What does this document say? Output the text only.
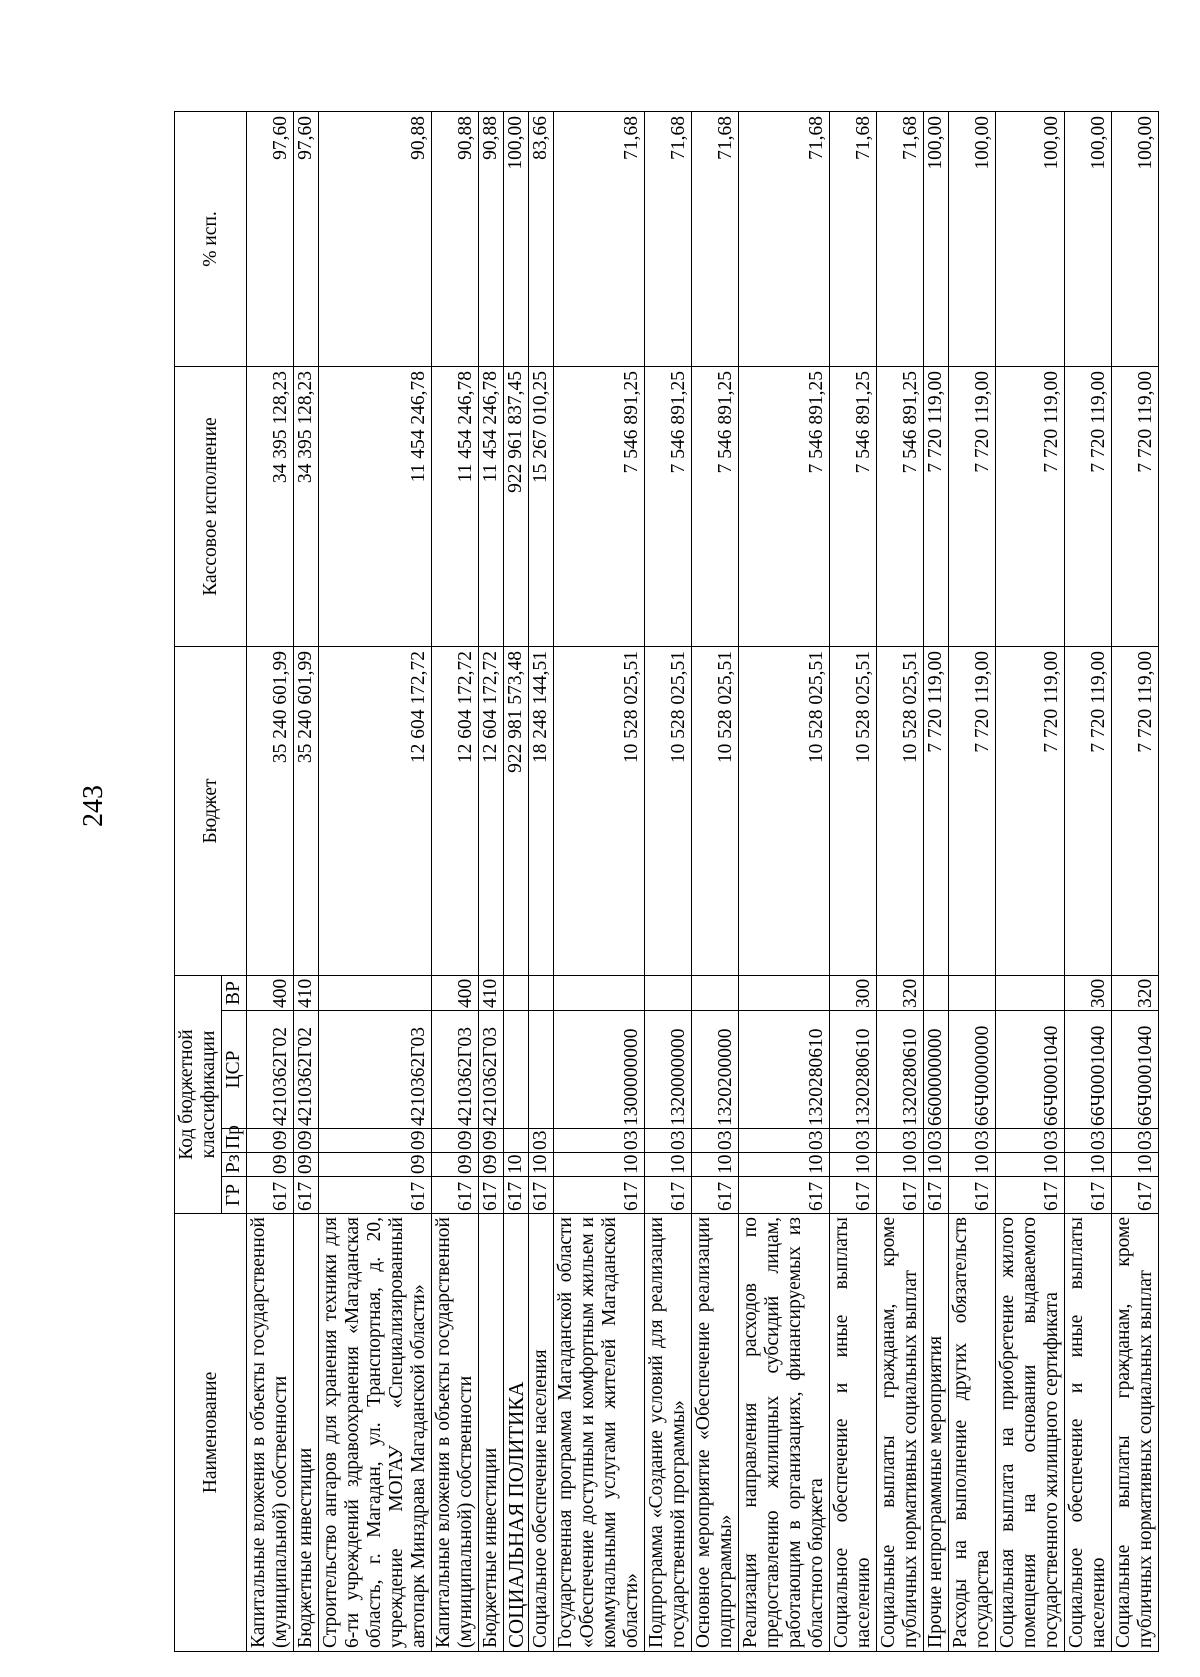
243
Наименование	Код бюджетной классификации					Бюджет	Кассовое исполнение	% исп.
	ГР	Рз	Пр	ЦСР	ВР			
Капитальные вложения в объекты государственной (муниципальной) собственности	617	09	09	4210362Г02	400	35 240 601,99	34 395 128,23	97,60
Бюджетные инвестиции	617	09	09	4210362Г02	410	35 240 601,99	34 395 128,23	97,60
Строительство ангаров для хранения техники для 6-ти учреждений здравоохранения «Магаданская область, г. Магадан, ул. Транспортная, д. 20, учреждение МОГАУ «Специализированный автопарк Минздрава Магаданской области»	617	09	09	4210362Г03		12 604 172,72	11 454 246,78	90,88
Капитальные вложения в объекты государственной (муниципальной) собственности	617	09	09	4210362Г03	400	12 604 172,72	11 454 246,78	90,88
Бюджетные инвестиции	617	09	09	4210362Г03	410	12 604 172,72	11 454 246,78	90,88
СОЦИАЛЬНАЯ ПОЛИТИКА	617	10				922 981 573,48	922 961 837,45	100,00
Социальное обеспечение населения	617	10	03			18 248 144,51	15 267 010,25	83,66
Государственная программа Магаданской области «Обеспечение доступным и комфортным жильем и коммунальными услугами жителей Магаданской области»	617	10	03	1300000000		10 528 025,51	7 546 891,25	71,68
Подпрограмма «Создание условий для реализации государственной программы»	617	10	03	1320000000		10 528 025,51	7 546 891,25	71,68
Основное мероприятие «Обеспечение реализации подпрограммы»	617	10	03	1320200000		10 528 025,51	7 546 891,25	71,68
Реализация направления расходов по предоставлению жилищных субсидий лицам, работающим в организациях, финансируемых из областного бюджета	617	10	03	1320280610		10 528 025,51	7 546 891,25	71,68
Социальное обеспечение и иные выплаты населению	617	10	03	1320280610	300	10 528 025,51	7 546 891,25	71,68
Социальные выплаты гражданам, кроме публичных нормативных социальных выплат	617	10	03	1320280610	320	10 528 025,51	7 546 891,25	71,68
Прочие непрограммные мероприятия	617	10	03	6600000000		7 720 119,00	7 720 119,00	100,00
Расходы на выполнение других обязательств государства	617	10	03	66Ч0000000		7 720 119,00	7 720 119,00	100,00
Социальная выплата на приобретение жилого помещения на основании выдаваемого государственного жилищного сертификата	617	10	03	66Ч0001040		7 720 119,00	7 720 119,00	100,00
Социальное обеспечение и иные выплаты населению	617	10	03	66Ч0001040	300	7 720 119,00	7 720 119,00	100,00
Социальные выплаты гражданам, кроме публичных нормативных социальных выплат	617	10	03	66Ч0001040	320	7 720 119,00	7 720 119,00	100,00
